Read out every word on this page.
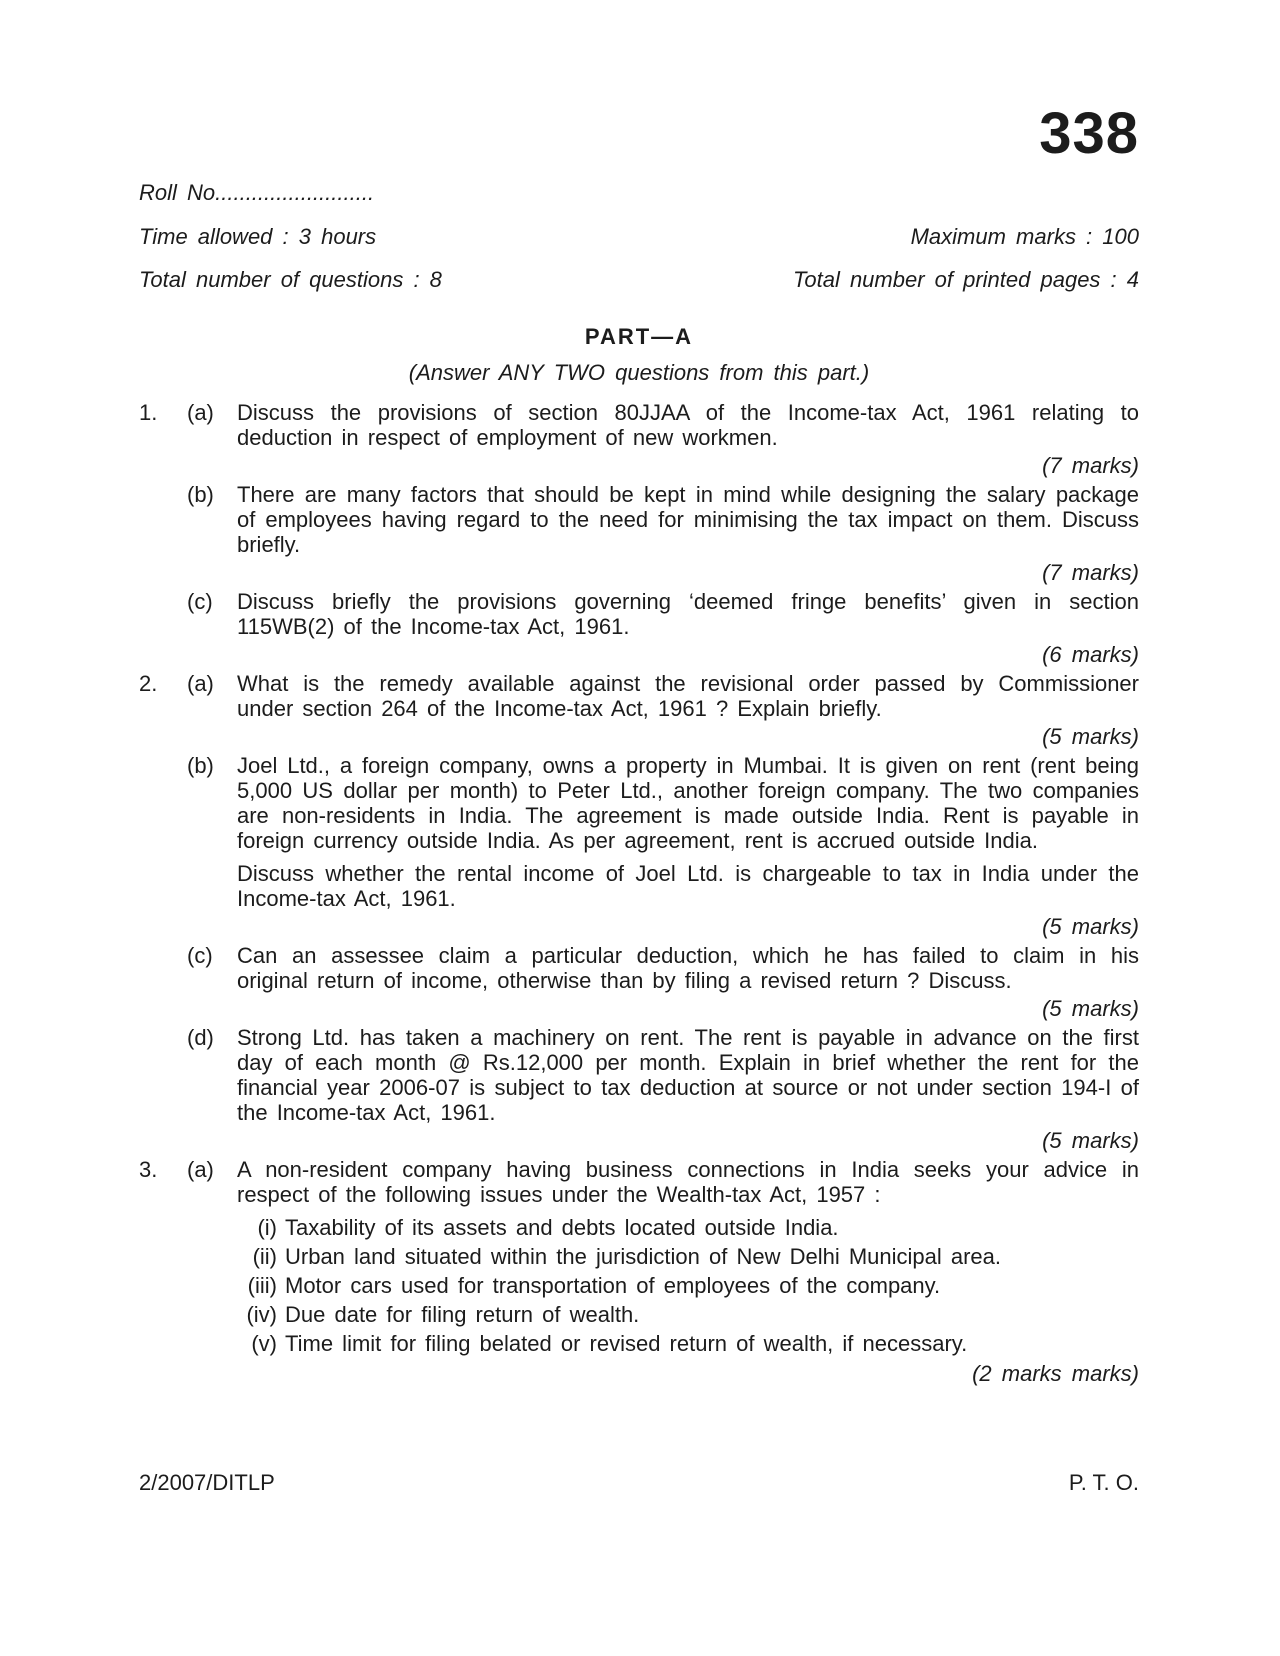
338
Roll No..........................
Time allowed : 3 hours	Maximum marks : 100
Total number of questions : 8	Total number of printed pages : 4
PART—A
(Answer ANY TWO questions from this part.)
1. (a) Discuss the provisions of section 80JJAA of the Income-tax Act, 1961 relating to deduction in respect of employment of new workmen.
(7 marks)
(b) There are many factors that should be kept in mind while designing the salary package of employees having regard to the need for minimising the tax impact on them. Discuss briefly.
(7 marks)
(c) Discuss briefly the provisions governing ‘deemed fringe benefits’ given in section 115WB(2) of the Income-tax Act, 1961.
(6 marks)
2. (a) What is the remedy available against the revisional order passed by Commissioner under section 264 of the Income-tax Act, 1961 ? Explain briefly.
(5 marks)
(b) Joel Ltd., a foreign company, owns a property in Mumbai. It is given on rent (rent being 5,000 US dollar per month) to Peter Ltd., another foreign company. The two companies are non-residents in India. The agreement is made outside India. Rent is payable in foreign currency outside India. As per agreement, rent is accrued outside India.
Discuss whether the rental income of Joel Ltd. is chargeable to tax in India under the Income-tax Act, 1961.
(5 marks)
(c) Can an assessee claim a particular deduction, which he has failed to claim in his original return of income, otherwise than by filing a revised return ? Discuss.
(5 marks)
(d) Strong Ltd. has taken a machinery on rent. The rent is payable in advance on the first day of each month @ Rs.12,000 per month. Explain in brief whether the rent for the financial year 2006-07 is subject to tax deduction at source or not under section 194-I of the Income-tax Act, 1961.
(5 marks)
3. (a) A non-resident company having business connections in India seeks your advice in respect of the following issues under the Wealth-tax Act, 1957 :
(i) Taxability of its assets and debts located outside India.
(ii) Urban land situated within the jurisdiction of New Delhi Municipal area.
(iii) Motor cars used for transportation of employees of the company.
(iv) Due date for filing return of wealth.
(v) Time limit for filing belated or revised return of wealth, if necessary.
(2 marks marks)
2/2007/DITLP	P. T. O.
